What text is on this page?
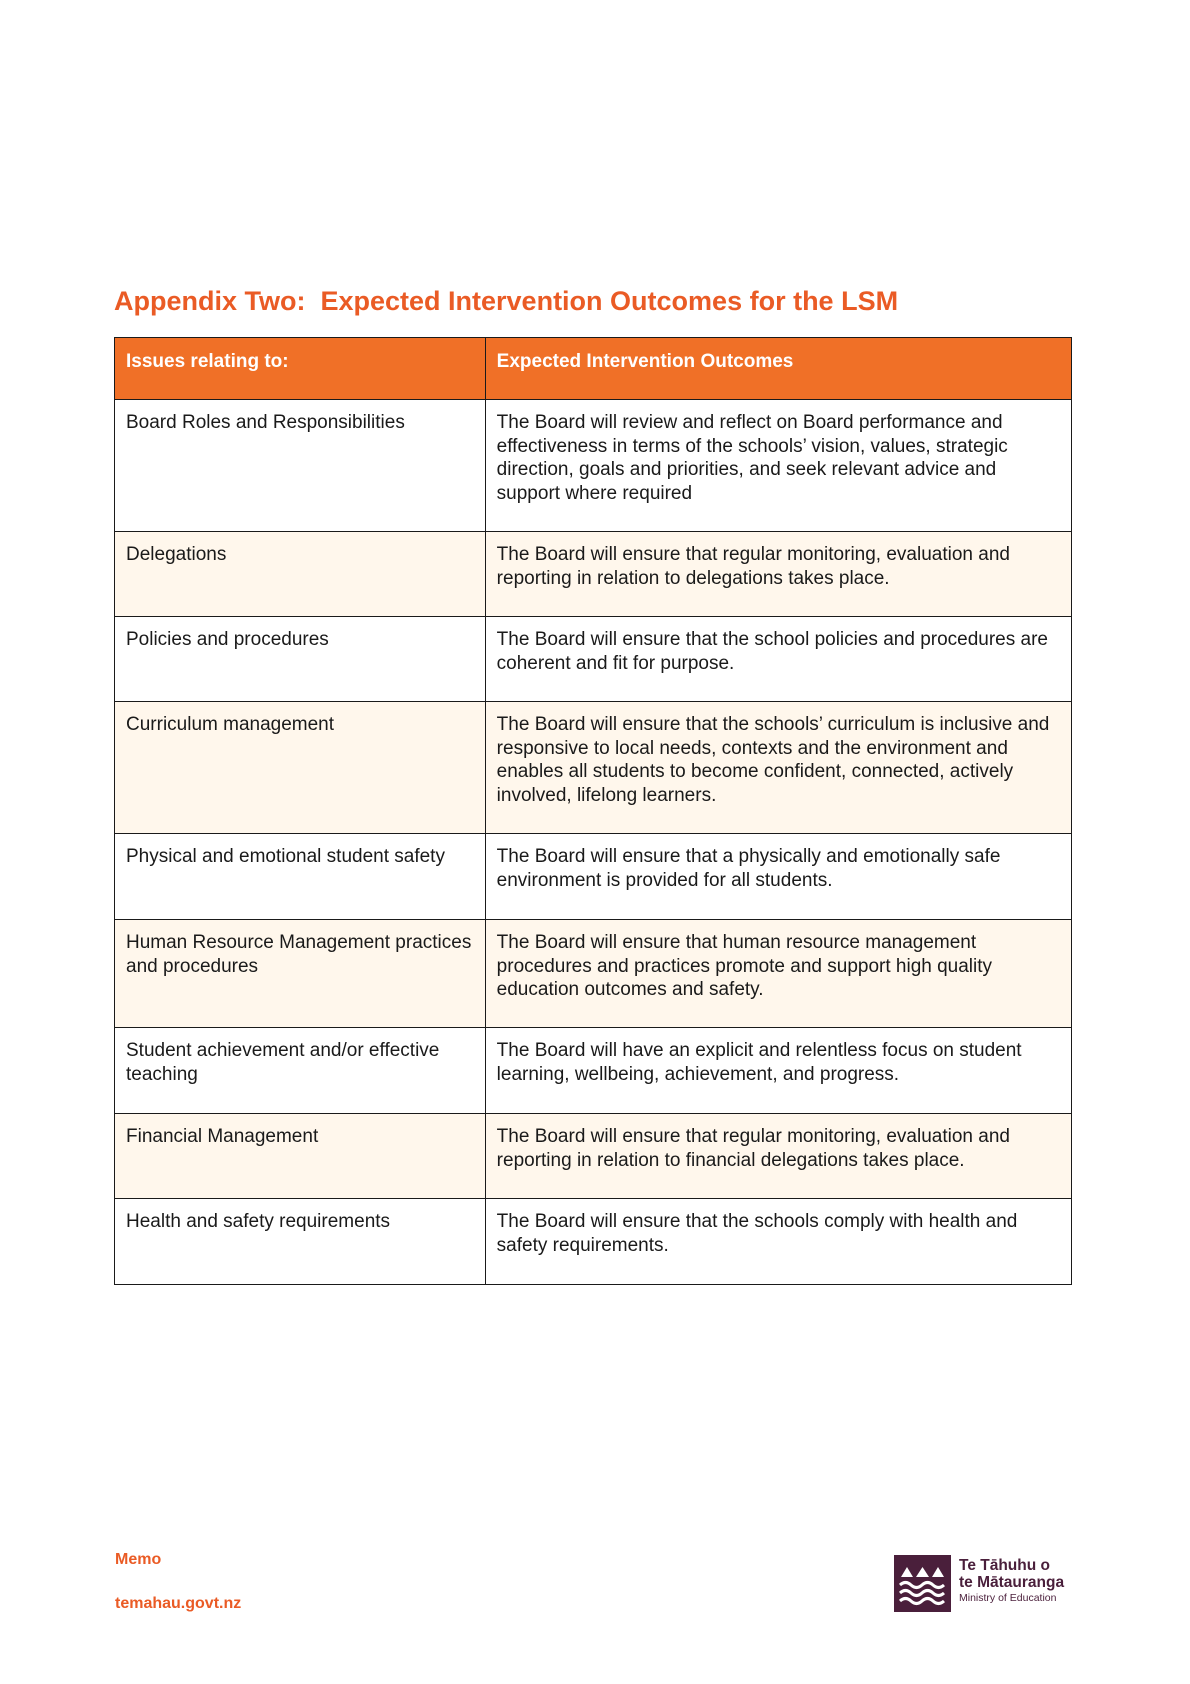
Appendix Two:  Expected Intervention Outcomes for the LSM
Issues relating to:	Expected Intervention Outcomes
Board Roles and Responsibilities	The Board will review and reflect on Board performance and effectiveness in terms of the schools’ vision, values, strategic direction, goals and priorities, and seek relevant advice and support where required
Delegations	The Board will ensure that regular monitoring, evaluation and reporting in relation to delegations takes place.
Policies and procedures	The Board will ensure that the school policies and procedures are coherent and fit for purpose.
Curriculum management	The Board will ensure that the schools’ curriculum is inclusive and responsive to local needs, contexts and the environment and enables all students to become confident, connected, actively involved, lifelong learners.
Physical and emotional student safety	The Board will ensure that a physically and emotionally safe environment is provided for all students.
Human Resource Management practices and procedures	The Board will ensure that human resource management procedures and practices promote and support high quality education outcomes and safety.
Student achievement and/or effective teaching	The Board will have an explicit and relentless focus on student learning, wellbeing, achievement, and progress.
Financial Management	The Board will ensure that regular monitoring, evaluation and reporting in relation to financial delegations takes place.
Health and safety requirements	The Board will ensure that the schools comply with health and safety requirements.
Memo
temahau.govt.nz
Te Tāhuhu o
te Mātauranga
Ministry of Education
